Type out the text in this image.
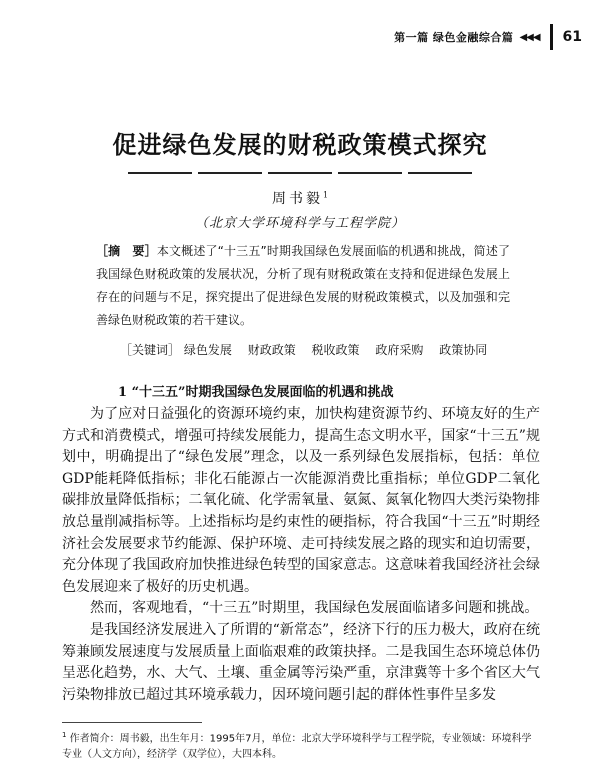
第一篇 绿色金融综合篇 ◀◀◀ 61
促进绿色发展的财税政策模式探究
周书毅$^1$
（北京大学环境科学与工程学院）
［摘　要］本文概述了“十三五”时期我国绿色发展面临的机遇和挑战，简述了我国绿色财税政策的发展状况，分析了现有财税政策在支持和促进绿色发展上存在的问题与不足，探究提出了促进绿色发展的财税政策模式，以及加强和完善绿色财税政策的若干建议。
［关键词］ 绿色发展 财政政策 税收政策 政府采购 政策协同
1 “十三五”时期我国绿色发展面临的机遇和挑战

为了应对日益强化的资源环境约束，加快构建资源节约、环境友好的生产方式和消费模式，增强可持续发展能力，提高生态文明水平，国家“十三五”规划中，明确提出了“绿色发展”理念，以及一系列绿色发展指标，包括：单位GDP能耗降低指标；非化石能源占一次能源消费比重指标；单位GDP二氧化碳排放量降低指标；二氧化硫、化学需氧量、氨氮、氮氧化物四大类污染物排放总量削减指标等。上述指标均是约束性的硬指标，符合我国“十三五”时期经济社会发展要求节约能源、保护环境、走可持续发展之路的现实和迫切需要，充分体现了我国政府加快推进绿色转型的国家意志。这意味着我国经济社会绿色发展迎来了极好的历史机遇。

然而，客观地看，“十三五”时期里，我国绿色发展面临诸多问题和挑战。

是我国经济发展进入了所谓的“新常态”，经济下行的压力极大，政府在统筹兼顾发展速度与发展质量上面临艰难的政策抉择。二是我国生态环境总体仍呈恶化趋势，水、大气、土壤、重金属等污染严重，京津冀等十多个省区大气污染物排放已超过其环境承载力，因环境问题引起的群体性事件呈多发

$^1$ 作者简介：周书毅，出生年月：1995年7月，单位：北京大学环境科学与工程学院，专业领域：环境科学专业（人文方向），经济学（双学位），大四本科。
